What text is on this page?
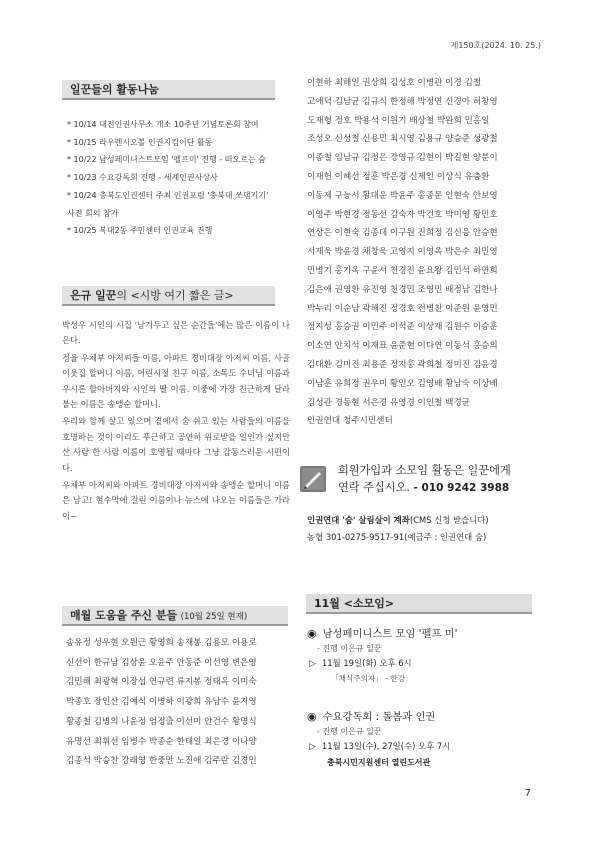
제150호(2024. 10. 25.)
일꾼들의 활동나눔
* 10/14 대전인권사무소 개소 10주년 기념토론회 참여
* 10/15 라우렌시오볼 인권지킴이단 활동
* 10/22 남성페미니스트모임 '펠프미' 진행 - 떠오르는 숨
* 10/23 수요강독회 진행 - 세계인권사상사
* 10/24 충북도인권센터 주최 인권포럼 '충북대 쏘댐기기'
사전 회의 참가
* 10/25 복대2동 주민센터 인권교육 진행
은규 일꾼의 <시방 여기 짧은 글>

박성우 시인의 시집 '남겨두고 싶은 순간들'에는 많은 이름이 나온다.

정율 우체부 아저씨들 이름, 아파트 경비대장 아저씨 이름, 사골 이웃집 할머니 이름, 어린시절 친구 이름, 소목도 수녀님 이름과 우시론 할아버지와 시인의 딸 이름. 이중에 가장 친근하게 달라 붙는 이름은 송앵순 할머니.

우리와 함께 살고 있으며 곁에서 숨 쉬고 있는 사람들의 이름을 호명하는 것이 이리도 푸근하고 공연히 위로받을 일인가 싶지만 산 사람 한 사람 이름이 호명될 때마다 그냥 감동스러운 시편이다.

우체부 아저씨와 아파트 경비대장 아저씨와 송앵순 할머니 이름은 남고! 현수막에 걸린 이름이나 뉴스에 나오는 이름들은 가라이~

이현하 최해인 권상희 김성호 이병관 이경 김철
고애덕 김남균 김규식 한정해 박정연 신경아 허창영
도재형 정호 박용석 이원기 배상철 박완희 민홍일
조성오 신성철 신용민 최시영 김용규 양승준 성광철
이종철 임남규 김정은 강영규 김현이 박길현 양분이
이재헌 이혜선 정훈 박은경 신제인 이상식 유충환
이동제 구능서 황대운 박윤주 홍종문 인현숙 안보영
이영주 박현경 정동선 김숙자 박건호 박미영 황민호
연상은 이현숙 김종대 이구원 진희정 김신응 안승현
서재욱 박윤경 채창욱 고영지 이영옥 박은수 최민영
민병기 홍기옥 구윤서 천경진 윤요왕 김민석 하연희
김은애 권영환 유진영 천경민 조영민 배정남 김한나
박누리 이순남 곽해진 정경호 전병찬 이준원 윤영민
정지성 홍승권 이민주 이석준 이상재 김원수 이승훈
이소연 안치석 이재표 윤준현 이다연 이동석 홍승의
김대환 김미진 최용준 정지홍 곽희철 정미진 김윤경
이남훈 유희정 권우미 황인오 김영배 황남숙 이상배
김성관 경동현 서은경 유영경 이인철 백경균
인권연대 청주시민센터
회원가입과 소모임 활동은 일꾼에게
연락 주십시오. - 010 9242 3988
인권연대 '숨' 살림살이 계좌(CMS 신청 받습니다)
농협 301-0275-9517-91(예금주 : 인권연대 숨)
매월 도움을 주신 분들 (10월 25일 현재)
송유정 성우현 오원근 황영희 송재봉 김용모 이용로
신선이 한규남 김상윤 오윤주 안동준 이선영 변은영
김민해 최광혁 이장섭 연규련 류지봉 정태옥 이미숙
박종호 장인산 김예식 이병하 이광희 유남수 윤지영
황종철 김병의 나윤정 엄정출 이선미 안건수 황명식
유명선 최휘선 임병수 박종순 한태일 최은경 이나양
김종석 박승찬 강래영 한중만 노진애 김주란 김경민
11월 <소모임>
◉ 남성페미니스트 모임 '펠프 미'
- 진행 이은규 일꾼
▷ 11월 19일(화) 오후 6시
「채식주의자」 - 한강
◉ 수요강독회 : 돌봄과 인권
- 진행 이은규 일꾼
▷ 11월 13일(수), 27일(수) 오후 7시
충북시민지원센터 열린도서관
7
